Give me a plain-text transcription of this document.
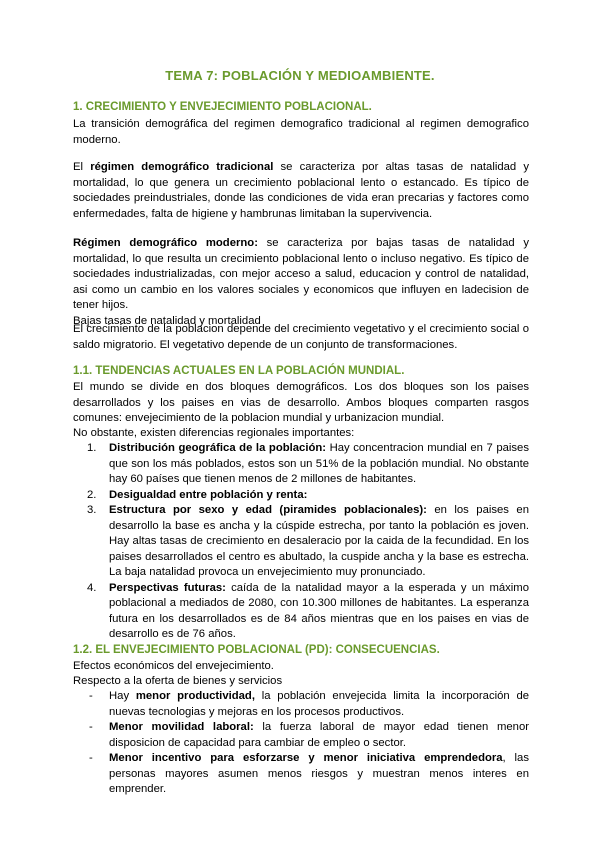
TEMA 7: POBLACIÓN Y MEDIOAMBIENTE.
1. CRECIMIENTO Y ENVEJECIMIENTO POBLACIONAL.
La transición demográfica del regimen demografico tradicional al regimen demografico moderno.
El régimen demográfico tradicional se caracteriza por altas tasas de natalidad y mortalidad, lo que genera un crecimiento poblacional lento o estancado. Es típico de sociedades preindustriales, donde las condiciones de vida eran precarias y factores como enfermedades, falta de higiene y hambrunas limitaban la supervivencia.
Régimen demográfico moderno: se caracteriza por bajas tasas de natalidad y mortalidad, lo que resulta un crecimiento poblacional lento o incluso negativo. Es típico de sociedades industrializadas, con mejor acceso a salud, educacion y control de natalidad, asi como un cambio en los valores sociales y economicos que influyen en ladecision de tener hijos.
Bajas tasas de natalidad y mortalidad
El crecimiento de la poblacion depende del crecimiento vegetativo y el crecimiento social o saldo migratorio. El vegetativo depende de un conjunto de transformaciones.
1.1. TENDENCIAS ACTUALES EN LA POBLACIÓN MUNDIAL.
El mundo se divide en dos bloques demográficos. Los dos bloques son los paises desarrollados y los paises en vias de desarrollo. Ambos bloques comparten rasgos comunes: envejecimiento de la poblacion mundial y urbanizacion mundial.
No obstante, existen diferencias regionales importantes:
1. Distribución geográfica de la población: Hay concentracion mundial en 7 paises que son los más poblados, estos son un 51% de la población mundial. No obstante hay 60 países que tienen menos de 2 millones de habitantes.
2. Desigualdad entre población y renta:
3. Estructura por sexo y edad (piramides poblacionales): en los paises en desarrollo la base es ancha y la cúspide estrecha, por tanto la población es joven. Hay altas tasas de crecimiento en desaleracio por la caida de la fecundidad. En los paises desarrollados el centro es abultado, la cuspide ancha y la base es estrecha. La baja natalidad provoca un envejecimiento muy pronunciado.
4. Perspectivas futuras: caída de la natalidad mayor a la esperada y un máximo poblacional a mediados de 2080, con 10.300 millones de habitantes. La esperanza futura en los desarrollados es de 84 años mientras que en los paises en vias de desarrollo es de 76 años.
1.2. EL ENVEJECIMIENTO POBLACIONAL (PD): CONSECUENCIAS.
Efectos económicos del envejecimiento.
Respecto a la oferta de bienes y servicios
- Hay menor productividad, la población envejecida limita la incorporación de nuevas tecnologias y mejoras en los procesos productivos.
- Menor movilidad laboral: la fuerza laboral de mayor edad tienen menor disposicion de capacidad para cambiar de empleo o sector.
- Menor incentivo para esforzarse y menor iniciativa emprendedora, las personas mayores asumen menos riesgos y muestran menos interes en emprender.
